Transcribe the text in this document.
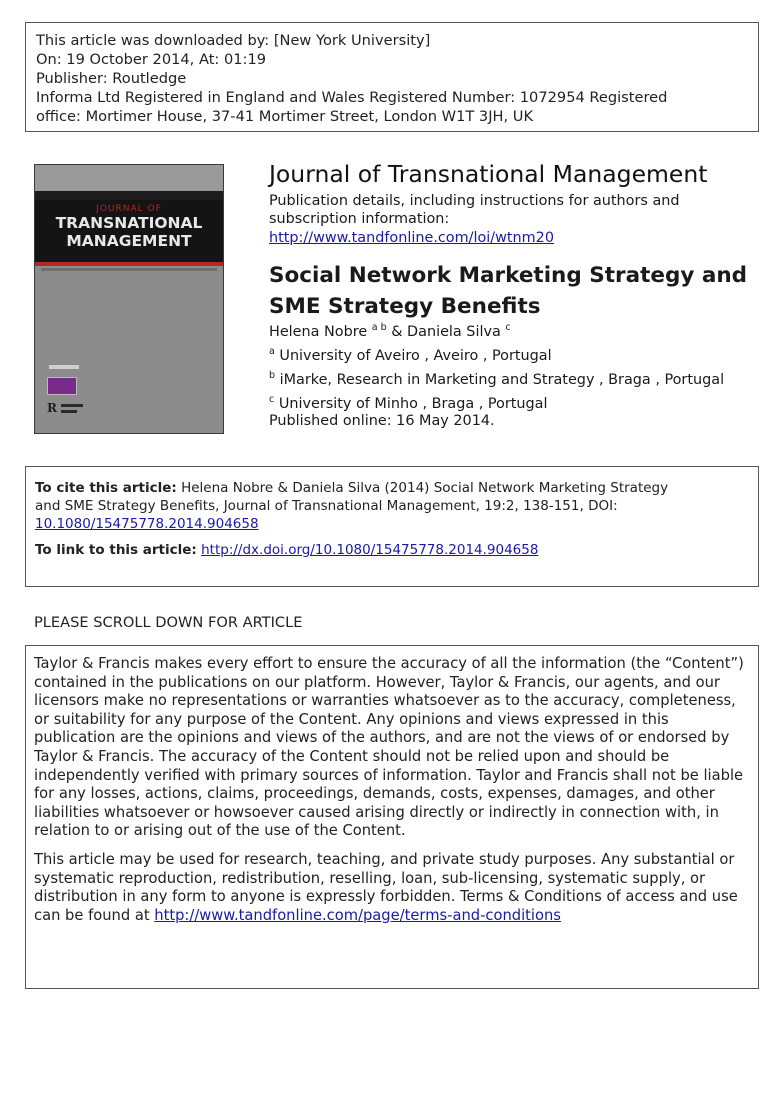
This article was downloaded by: [New York University]
On: 19 October 2014, At: 01:19
Publisher: Routledge
Informa Ltd Registered in England and Wales Registered Number: 1072954 Registered
office: Mortimer House, 37-41 Mortimer Street, London W1T 3JH, UK
JOURNAL OF
TRANSNATIONAL
MANAGEMENT
R
Journal of Transnational Management
Publication details, including instructions for authors and subscription information:
http://www.tandfonline.com/loi/wtnm20
Social Network Marketing Strategy and SME Strategy Benefits
Helena Nobre $^{a b}$ & Daniela Silva $^c$
$^a$ University of Aveiro , Aveiro , Portugal
$^b$ iMarke, Research in Marketing and Strategy , Braga , Portugal
$^c$ University of Minho , Braga , Portugal
Published online: 16 May 2014.
To cite this article: Helena Nobre & Daniela Silva (2014) Social Network Marketing Strategy
and SME Strategy Benefits, Journal of Transnational Management, 19:2, 138-151, DOI:
10.1080/15475778.2014.904658
To link to this article: http://dx.doi.org/10.1080/15475778.2014.904658
PLEASE SCROLL DOWN FOR ARTICLE

Taylor & Francis makes every effort to ensure the accuracy of all the information (the “Content”) contained in the publications on our platform. However, Taylor & Francis, our agents, and our licensors make no representations or warranties whatsoever as to the accuracy, completeness, or suitability for any purpose of the Content. Any opinions and views expressed in this publication are the opinions and views of the authors, and are not the views of or endorsed by Taylor & Francis. The accuracy of the Content should not be relied upon and should be independently verified with primary sources of information. Taylor and Francis shall not be liable for any losses, actions, claims, proceedings, demands, costs, expenses, damages, and other liabilities whatsoever or howsoever caused arising directly or indirectly in connection with, in relation to or arising out of the use of the Content.

This article may be used for research, teaching, and private study purposes. Any substantial or systematic reproduction, redistribution, reselling, loan, sub-licensing, systematic supply, or distribution in any form to anyone is expressly forbidden. Terms & Conditions of access and use can be found at http://www.tandfonline.com/page/terms-and-conditions
